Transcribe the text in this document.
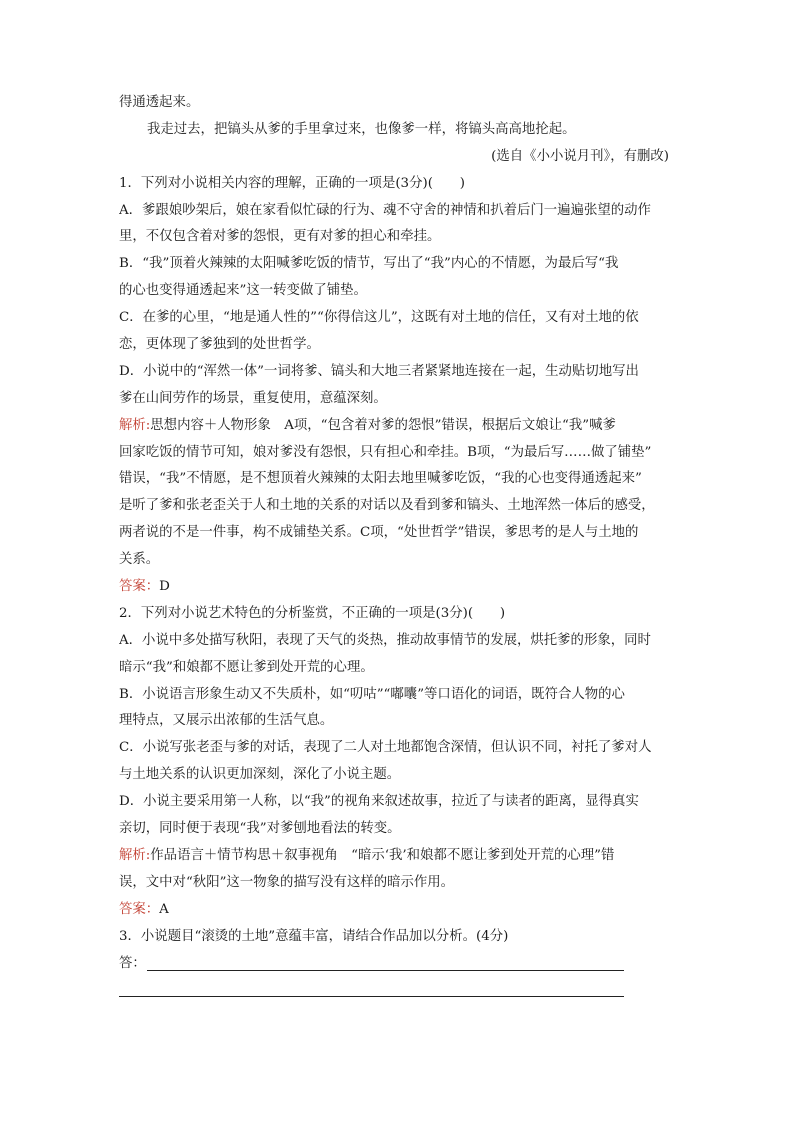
得通透起来。
我走过去，把镐头从爹的手里拿过来，也像爹一样，将镐头高高地抡起。
(选自《小小说月刊》，有删改)
1．下列对小说相关内容的理解，正确的一项是(3分)(　　)
A．爹跟娘吵架后，娘在家看似忙碌的行为、魂不守舍的神情和扒着后门一遍遍张望的动作
里，不仅包含着对爹的怨恨，更有对爹的担心和牵挂。
B．“我”顶着火辣辣的太阳喊爹吃饭的情节，写出了“我”内心的不情愿，为最后写“我
的心也变得通透起来”这一转变做了铺垫。
C．在爹的心里，“地是通人性的”“你得信这儿”，这既有对土地的信任，又有对土地的依
恋，更体现了爹独到的处世哲学。
D．小说中的“浑然一体”一词将爹、镐头和大地三者紧紧地连接在一起，生动贴切地写出
爹在山间劳作的场景，重复使用，意蕴深刻。
解析:思想内容＋人物形象　A项，“包含着对爹的怨恨”错误，根据后文娘让“我”喊爹
回家吃饭的情节可知，娘对爹没有怨恨，只有担心和牵挂。B项，“为最后写……做了铺垫”
错误，“我”不情愿，是不想顶着火辣辣的太阳去地里喊爹吃饭，“我的心也变得通透起来”
是听了爹和张老歪关于人和土地的关系的对话以及看到爹和镐头、土地浑然一体后的感受，
两者说的不是一件事，构不成铺垫关系。C项，“处世哲学”错误，爹思考的是人与土地的
关系。
答案：D
2．下列对小说艺术特色的分析鉴赏，不正确的一项是(3分)(　　)
A．小说中多处描写秋阳，表现了天气的炎热，推动故事情节的发展，烘托爹的形象，同时
暗示“我”和娘都不愿让爹到处开荒的心理。
B．小说语言形象生动又不失质朴，如“叨咕”“嘟囔”等口语化的词语，既符合人物的心
理特点，又展示出浓郁的生活气息。
C．小说写张老歪与爹的对话，表现了二人对土地都饱含深情，但认识不同，衬托了爹对人
与土地关系的认识更加深刻，深化了小说主题。
D．小说主要采用第一人称，以“我”的视角来叙述故事，拉近了与读者的距离，显得真实
亲切，同时便于表现“我”对爹刨地看法的转变。
解析:作品语言＋情节构思＋叙事视角　“暗示‘我’和娘都不愿让爹到处开荒的心理”错
误，文中对“秋阳”这一物象的描写没有这样的暗示作用。
答案：A
3．小说题目“滚烫的土地”意蕴丰富，请结合作品加以分析。(4分)
答：
